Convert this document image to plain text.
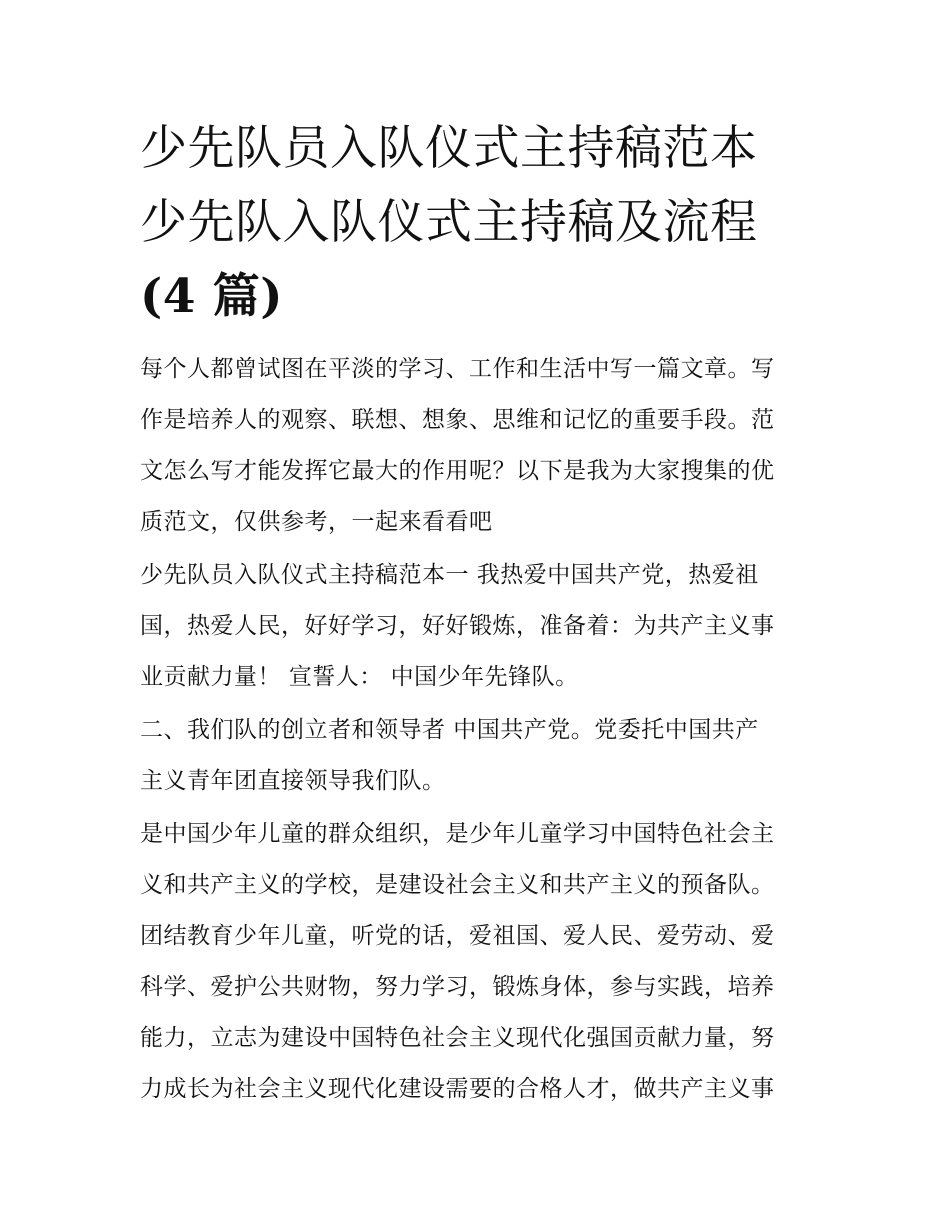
少先队员入队仪式主持稿范本
少先队入队仪式主持稿及流程
(4 篇)

每个人都曾试图在平淡的学习、工作和生活中写一篇文章。写
作是培养人的观察、联想、想象、思维和记忆的重要手段。范
文怎么写才能发挥它最大的作用呢？以下是我为大家搜集的优
质范文，仅供参考，一起来看看吧

少先队员入队仪式主持稿范本一 我热爱中国共产党，热爱祖
国，热爱人民，好好学习，好好锻炼，准备着：为共产主义事
业贡献力量！ 宣誓人： 中国少年先锋队。

二、我们队的创立者和领导者 中国共产党。党委托中国共产
主义青年团直接领导我们队。

是中国少年儿童的群众组织，是少年儿童学习中国特色社会主
义和共产主义的学校，是建设社会主义和共产主义的预备队。
团结教育少年儿童，听党的话，爱祖国、爱人民、爱劳动、爱
科学、爱护公共财物，努力学习，锻炼身体，参与实践，培养
能力，立志为建设中国特色社会主义现代化强国贡献力量，努
力成长为社会主义现代化建设需要的合格人才，做共产主义事
